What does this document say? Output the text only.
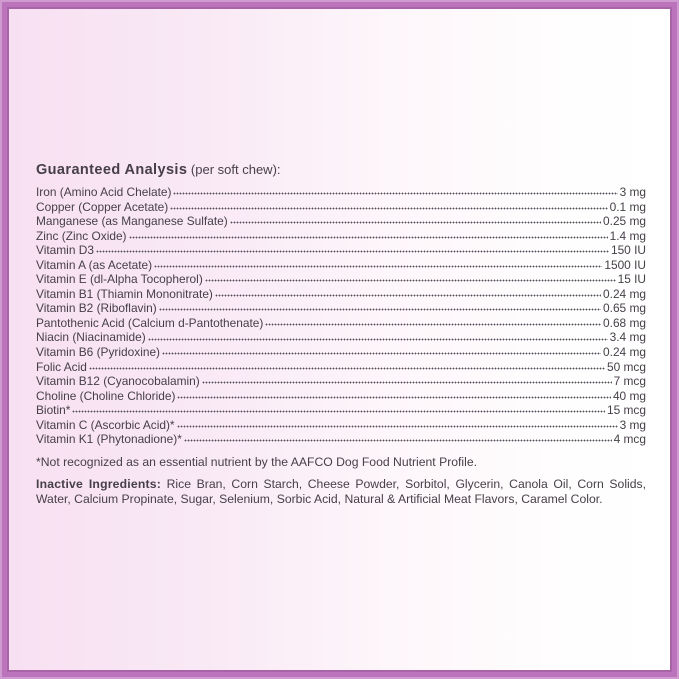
Guaranteed Analysis (per soft chew):

Iron (Amino Acid Chelate)	3 mg
Copper (Copper Acetate)	0.1 mg
Manganese (as Manganese Sulfate)	0.25 mg
Zinc (Zinc Oxide)	1.4 mg
Vitamin D3	150 IU
Vitamin A (as Acetate)	1500 IU
Vitamin E (dl-Alpha Tocopherol)	15 IU
Vitamin B1 (Thiamin Mononitrate)	0.24 mg
Vitamin B2 (Riboflavin)	0.65 mg
Pantothenic Acid (Calcium d-Pantothenate)	0.68 mg
Niacin (Niacinamide)	3.4 mg
Vitamin B6 (Pyridoxine)	0.24 mg
Folic Acid	50 mcg
Vitamin B12 (Cyanocobalamin)	7 mcg
Choline (Choline Chloride)	40 mg
Biotin*	15 mcg
Vitamin C (Ascorbic Acid)*	3 mg
Vitamin K1 (Phytonadione)*	4 mcg

*Not recognized as an essential nutrient by the AAFCO Dog Food Nutrient Profile.

Inactive Ingredients: Rice Bran, Corn Starch, Cheese Powder, Sorbitol, Glycerin, Canola Oil, Corn Solids, Water, Calcium Propinate, Sugar, Selenium, Sorbic Acid, Natural & Artificial Meat Flavors, Caramel Color.
